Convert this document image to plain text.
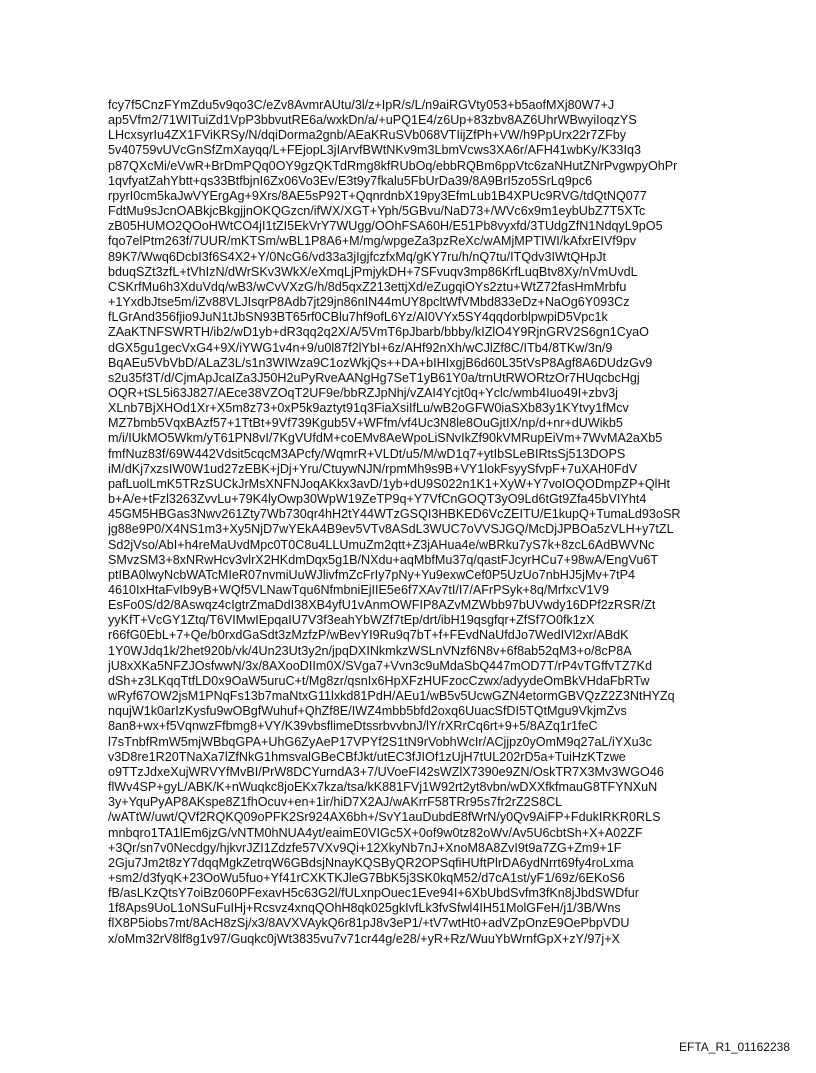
fcy7f5CnzFYmZdu5v9qo3C/eZv8AvmrAUtu/3l/z+IpR/s/L/n9aiRGVty053+b5aofMXj80W7+J
ap5Vfm2/71WITuiZd1VpP3bbvutRE6a/wxkDn/a/+uPQ1E4/z6Up+83zbv8AZ6UhrWBwyiIoqzYS
LHcxsyrIu4ZX1FViKRSy/N/dqiDorma2gnb/AEaKRuSVb068VTIijZfPh+VW/h9PpUrx22r7ZFby
5v40759vUVcGnSfZmXayqq/L+FEjopL3jIArvfBWtNKv9m3LbmVcws3XA6r/AFH41wbKy/K33Iq3
p87QXcMi/eVwR+BrDmPQq0OY9gzQKTdRmg8kfRUbOq/ebbRQBm6ppVtc6zaNHutZNrPvgwpyOhPr
1qvfyatZahYbtt+qs33BtfbjnI6Zx06Vo3Ev/E3t9y7fkalu5FbUrDa39/8A9BrI5zo5SrLq9pc6
rpyrI0cm5kaJwVYErgAg+9Xrs/8AE5sP92T+QqnrdnbX19py3EfmLub1B4XPUc9RVG/tdQtNQ077
FdtMu9sJcnOABkjcBkgjjnOKQGzcn/ifWX/XGT+Yph/5GBvu/NaD73+/WVc6x9m1eybUbZ7T5XTc
zB05HUMO2QOoHWtCO4jI1tZI5EkVrY7WUgg/OOhFSA60H/E51Pb8vyxfd/3TUdgZfN1NdqyL9pO5
fqo7elPtm263f/7UUR/mKTSm/wBL1P8A6+M/mg/wpgeZa3pzReXc/wAMjMPTIWI/kAfxrEIVf9pv
89K7/Wwq6DcbI3f6S4X2+Y/0NcG6/vd33a3jIgjfczfxMq/gKY7ru/h/nQ7tu/ITQdv3IWtQHpJt
bduqSZt3zfL+tVhIzN/dWrSKv3WkX/eXmqLjPmjykDH+7SFvuqv3mp86KrfLuqBtv8Xy/nVmUvdL
CSKrfMu6h3XduVdq/wB3/wCvVXzG/h/8d5qxZ213ettjXd/eZugqiOYs2ztu+WtZ72fasHmMrbfu
+1YxdbJtse5m/iZv88VLJIsqrP8Adb7jt29jn86nIN44mUY8pcltWfVMbd833eDz+NaOg6Y093Cz
fLGrAnd356fjio9JuN1tJbSN93BT65rf0CBlu7hf9ofL6Yz/AI0VYx5SY4qqdorblpwpiD5Vpc1k
ZAaKTNFSWRTH/ib2/wD1yb+dR3qq2q2X/A/5VmT6pJbarb/bbby/kIZlO4Y9RjnGRV2S6gn1CyaO
dGX5gu1gecVxG4+9X/iYWG1v4n+9/u0l87f2lYbI+6z/AHf92nXh/wCJlZf8C/ITb4/8TKw/3n/9
BqAEu5VbVbD/ALaZ3L/s1n3WIWza9C1ozWkjQs++DA+bIHIxgjB6d60L35tVsP8Agf8A6DUdzGv9
s2u35f3T/d/CjmApJcaIZa3J50H2uPyRveAANgHg7SeT1yB61Y0a/trnUtRWORtzOr7HUqcbcHgj
OQR+tSL5i63J827/AEce38VZOqT2UF9e/bbRZJpNhj/vZAI4Ycjt0q+Yclc/wmb4Iuo49I+zbv3j
XLnb7BjXHOd1Xr+X5m8z73+0xP5k9aztyt91q3FiaXsiIfLu/wB2oGFW0iaSXb83y1KYtvy1fMcv
MZ7bmb5VqxBAzf57+1TtBt+9Vf739Kgub5V+WFfm/vf4Uc3N8le8OuGjtIX/np/d+nr+dUWikb5
m/i/IUkMO5Wkm/yT61PN8vI/7KgVUfdM+coEMv8AeWpoLiSNvIkZf90kVMRupEiVm+7WvMA2aXb5
fmfNuz83f/69W442Vdsit5cqcM3APcfy/WqmrR+VLDt/u5/M/wD1q7+ytIbSLeBIRtsSj513DOPS
iM/dKj7xzsIW0W1ud27zEBK+jDj+Yru/CtuywNJN/rpmMh9s9B+VY1lokFsyySfvpF+7uXAH0FdV
pafLuolLmK5TRzSUCkJrMsXNFNJoqAKkx3avD/1yb+dU9S022n1K1+XyW+Y7voIOQODmpZP+QlHt
b+A/e+tFzl3263ZvvLu+79K4lyOwp30WpW19ZeTP9q+Y7VfCnGOQT3yO9Ld6tGt9Zfa45bVIYht4
45GM5HBGas3Nwv261Zty7Wb730qr4hH2tY44WTzGSQI3HBKED6VcZEITU/E1kupQ+TumaLd93oSR
jg88e9P0/X4NS1m3+Xy5NjD7wYEkA4B9ev5VTv8ASdL3WUC7oVVSJGQ/McDjJPBOa5zVLH+y7tZL
Sd2jVso/AbI+h4reMaUvdMpc0T0C8u4LLUmuZm2qtt+Z3jAHua4e/wBRku7yS7k+8zcL6AdBWVNc
SMvzSM3+8xNRwHcv3vlrX2HKdmDqx5g1B/NXdu+aqMbfMu37q/qastFJcyrHCu7+98wA/EngVu6T
ptIBA0lwyNcbWATcMIeR07nvmiUuWJlivfmZcFrIy7pNy+Yu9exwCef0P5UzUo7nbHJ5jMv+7tP4
4610IxHtaFvIb9yB+WQf5VLNawTqu6NfmbniEjIIE5e6f7XAv7tI/I7/AFrPSyk+8q/MrfxcV1V9
EsFo0S/d2/8Aswqz4cIgtrZmaDdI38XB4yfU1vAnmOWFIP8AZvMZWbb97bUVwdy16DPf2zRSR/Zt
yyKfT+VcGY1Ztq/T6VIMwIEpqaIU7V3f3eahYbWZf7tEp/drt/ibH19qsgfqr+ZfSf7O0fk1zX
r66fG0EbL+7+Qe/b0rxdGaSdt3zMzfzP/wBevYI9Ru9q7bT+f+FEvdNaUfdJo7WedIVl2xr/ABdK
1Y0WJdq1k/2het920b/vk/4Un23Ut3y2n/jpqDXINkmkzWSLnVNzf6N8v+6f8ab52qM3+o/8cP8A
jU8xXKa5NFZJOsfwwN/3x/8AXooDIIm0X/SVga7+Vvn3c9uMdaSbQ447mOD7T/rP4vTGffvTZ7Kd
dSh+z3LKqqTtfLD0x9OaW5uruC+t/Mg8zr/qsnIx6HpXFzHUFzocCzwx/adyydeOmBkVHdaFbRTw
wRyf67OW2jsM1PNqFs13b7maNtxG11lxkd81PdH/AEu1/wB5v5UcwGZN4etormGBVQzZ2Z3NtHYZq
nqujW1k0arIzKysfu9wOBgfWuhuf+QhZf8E/IWZ4mbb5bfd2oxq6UuacSfDI5TQtMgu9VkjmZvs
8an8+wx+f5VqnwzFfbmg8+VY/K39vbsflimeDtssrbvvbnJ/lY/rXRrCq6rt+9+5/8AZq1r1feC
l7sTnbfRmW5mjWBbqGPA+UhG6ZyAeP17VPYf2S1tN9rVobhWcIr/ACjjpz0yOmM9q27aL/iYXu3c
v3D8re1R20TNaXa7lZfNkG1hmsvalGBeCBfJkt/utEC3fJIOf1zUjH7tUL202rD5a+TuiHzKTzwe
o9TTzJdxeXujWRVYfMvBI/PrW8DCYurndA3+7/UVoeFI42sWZlX7390e9ZN/OskTR7X3Mv3WGO46
flWv4SP+gyL/ABK/K+nWuqkc8joEKx7kza/tsa/kK881FVj1W92rt2yt8vbn/wDXXfkfmauG8TFYNXuN
3y+YquPyAP8AKspe8Z1fhOcuv+en+1ir/hiD7X2AJ/wAKrrF58TRr95s7fr2rZ2S8CL
/wATtW/uwt/QVf2RQKQ09oPFK2Sr924AX6bh+/SvY1auDubdE8fWrN/y0Qv9AiFP+FdukIRKR0RLS
mnbqro1TA1lEm6jzG/vNTM0hNUA4yt/eaimE0VIGc5X+0of9w0tz82oWv/Av5U6cbtSh+X+A02ZF
+3Qr/sn7v0Necdgy/hjkvrJZI1Zdzfe57VXv9Qi+12XkyNb7nJ+XnoM8A8ZvI9t9a7ZG+Zm9+1F
2Gju7Jm2t8zY7dqqMgkZetrqW6GBdsjNnayKQSByQR2OPSqfiHUftPlrDA6ydNrrt69fy4roLxma
+sm2/d3fyqK+23OoWu5fuo+Yf41rCXKTKJleG7BbK5j3SK0kqM52/d7cA1st/yF1/69z/6EKoS6
fB/asLKzQtsY7oiBz060PFexavH5c63G2l/fULxnpOuec1Eve94I+6XbUbdSvfm3fKn8jJbdSWDfur
1f8Aps9UoL1oNSuFuIHj+Rcsvz4xnqQOhH8qk025gkIvfLk3fvSfwl4IH51MolGFeH/j1/3B/Wns
flX8P5iobs7mt/8AcH8zSj/x3/8AVXVAykQ6r81pJ8v3eP1/+tV7wtHt0+adVZpOnzE9OePbpVDU
x/oMm32rV8lf8g1v97/Guqkc0jWt3835vu7v71cr44g/e28/+yR+Rz/WuuYbWrnfGpX+zY/97j+X
EFTA_R1_01162238
